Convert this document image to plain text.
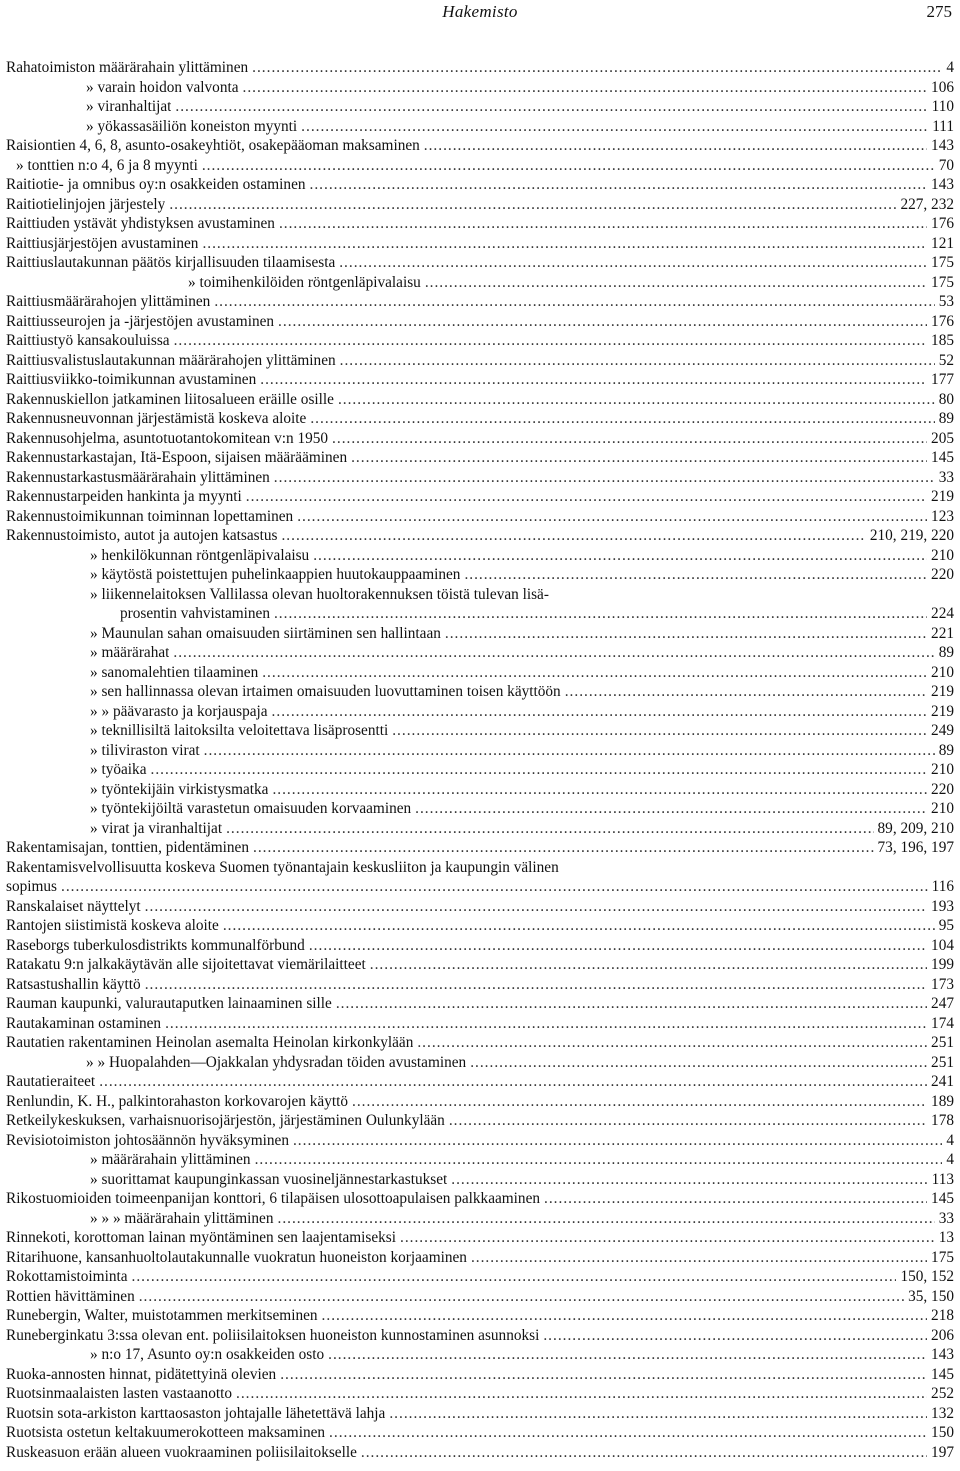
Hakemisto	275
Rahatoimiston määrärahain ylittäminen .....	4
» varain hoidon valvonta .....	106
» viranhaltijat .....	110
» yökassasäiliön koneiston myynti .....	111
Raisiontien 4, 6, 8, asunto-osakeyhtiöt, osakepääoman maksaminen .....	143
» tonttien n:o 4, 6 ja 8 myynti .....	70
Raitiotie- ja omnibus oy:n osakkeiden ostaminen .....	143
Raitiotielinjojen järjestely .....	227, 232
Raittiuden ystävät yhdistyksen avustaminen .....	176
Raittiusjärjestöjen avustaminen .....	121
Raittiuslautakunnan päätös kirjallisuuden tilaamisesta .....	175
» toimihenkilöiden röntgenläpivalaisu .....	175
Raittiusmäärärahojen ylittäminen .....	53
Raittiusseurojen ja -järjestöjen avustaminen .....	176
Raittiustyö kansakouluissa .....	185
Raittiusvalistuslautakunnan määrärahojen ylittäminen .....	52
Raittiusviikko-toimikunnan avustaminen .....	177
Rakennuskiellon jatkaminen liitosalueen eräille osille .....	80
Rakennusneuvonnan järjestämistä koskeva aloite .....	89
Rakennusohjelma, asuntotuotantokomitean v:n 1950 .....	205
Rakennustarkastajan, Itä-Espoon, sijaisen määrääminen .....	145
Rakennustarkastusmäärärahain ylittäminen .....	33
Rakennustarpeiden hankinta ja myynti .....	219
Rakennustoimikunnan toiminnan lopettaminen .....	123
Rakennustoimisto, autot ja autojen katsastus .....	210, 219, 220
» henkilökunnan röntgenläpivalaisu .....	210
» käytöstä poistettujen puhelinkaappien huutokauppaaminen .....	220
» liikennelaitoksen Vallilassa olevan huoltorakennuksen töistä tulevan lisä-
prosentin vahvistaminen .....	224
» Maunulan sahan omaisuuden siirtäminen sen hallintaan .....	221
» määrärahat .....	89
» sanomalehtien tilaaminen .....	210
» sen hallinnassa olevan irtaimen omaisuuden luovuttaminen toisen käyttöön .....	219
» » päävarasto ja korjauspaja .....	219
» teknillisiltä laitoksilta veloitettava lisäprosentti .....	249
» tiliviraston virat .....	89
» työaika .....	210
» työntekijäin virkistysmatka .....	220
» työntekijöiltä varastetun omaisuuden korvaaminen .....	210
» virat ja viranhaltijat .....	89, 209, 210
Rakentamisajan, tonttien, pidentäminen .....	73, 196, 197
Rakentamisvelvollisuutta koskeva Suomen työnantajain keskusliiton ja kaupungin välinen
sopimus .....	116
Ranskalaiset näyttelyt .....	193
Rantojen siistimistä koskeva aloite .....	95
Raseborgs tuberkulosdistrikts kommunalförbund .....	104
Ratakatu 9:n jalkakäytävän alle sijoitettavat viemärilaitteet .....	199
Ratsastushallin käyttö .....	173
Rauman kaupunki, valurautaputken lainaaminen sille .....	247
Rautakaminan ostaminen .....	174
Rautatien rakentaminen Heinolan asemalta Heinolan kirkonkylään .....	251
» » Huopalahden—Ojakkalan yhdysradan töiden avustaminen .....	251
Rautatieraiteet .....	241
Renlundin, K. H., palkintorahaston korkovarojen käyttö .....	189
Retkeilykeskuksen, varhaisnuorisojärjestön, järjestäminen Oulunkylään .....	178
Revisiotoimiston johtosäännön hyväksyminen .....	4
» määrärahain ylittäminen .....	4
» suorittamat kaupunginkassan vuosineljännestarkastukset .....	113
Rikostuomioiden toimeenpanijan konttori, 6 tilapäisen ulosottoapulaisen palkkaaminen .....	145
» » » määrärahain ylittäminen .....	33
Rinnekoti, korottoman lainan myöntäminen sen laajentamiseksi .....	13
Ritarihuone, kansanhuoltolautakunnalle vuokratun huoneiston korjaaminen .....	175
Rokottamistoiminta .....	150, 152
Rottien hävittäminen .....	35, 150
Runebergin, Walter, muistotammen merkitseminen .....	218
Runeberginkatu 3:ssa olevan ent. poliisilaitoksen huoneiston kunnostaminen asunnoksi .....	206
» n:o 17, Asunto oy:n osakkeiden osto .....	143
Ruoka-annosten hinnat, pidätettyinä olevien .....	145
Ruotsinmaalaisten lasten vastaanotto .....	252
Ruotsin sota-arkiston karttaosaston johtajalle lähetettävä lahja .....	132
Ruotsista ostetun keltakuumerokotteen maksaminen .....	150
Ruskeasuon erään alueen vuokraaminen poliisilaitokselle .....	197
